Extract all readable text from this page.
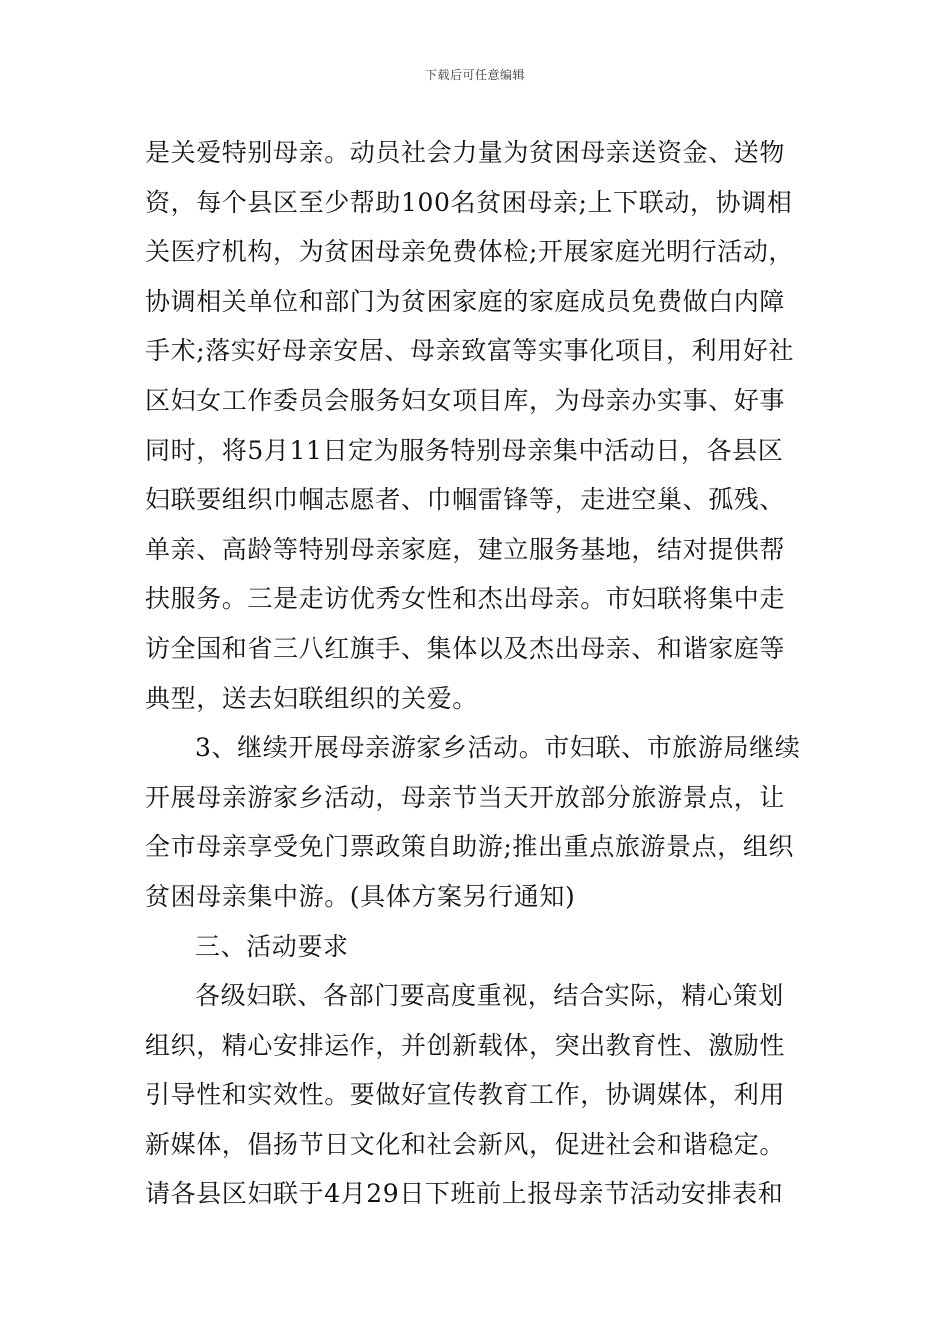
下载后可任意编辑
是关爱特别母亲。动员社会力量为贫困母亲送资金、送物
资，每个县区至少帮助100名贫困母亲;上下联动，协调相
关医疗机构，为贫困母亲免费体检;开展家庭光明行活动，
协调相关单位和部门为贫困家庭的家庭成员免费做白内障
手术;落实好母亲安居、母亲致富等实事化项目，利用好社
区妇女工作委员会服务妇女项目库，为母亲办实事、好事
同时，将5月11日定为服务特别母亲集中活动日，各县区
妇联要组织巾帼志愿者、巾帼雷锋等，走进空巢、孤残、
单亲、高龄等特别母亲家庭，建立服务基地，结对提供帮
扶服务。三是走访优秀女性和杰出母亲。市妇联将集中走
访全国和省三八红旗手、集体以及杰出母亲、和谐家庭等
典型，送去妇联组织的关爱。
3、继续开展母亲游家乡活动。市妇联、市旅游局继续
开展母亲游家乡活动，母亲节当天开放部分旅游景点，让
全市母亲享受免门票政策自助游;推出重点旅游景点，组织
贫困母亲集中游。(具体方案另行通知)
三、活动要求
各级妇联、各部门要高度重视，结合实际，精心策划
组织，精心安排运作，并创新载体，突出教育性、激励性
引导性和实效性。要做好宣传教育工作，协调媒体，利用
新媒体，倡扬节日文化和社会新风，促进社会和谐稳定。
请各县区妇联于4月29日下班前上报母亲节活动安排表和
